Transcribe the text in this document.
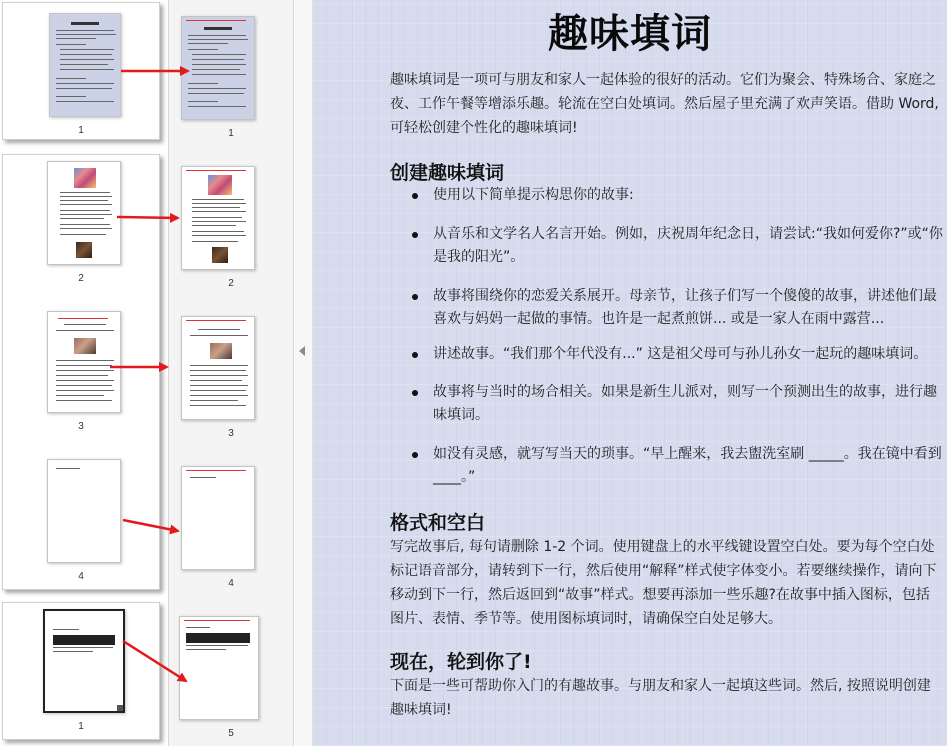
1
2
3
4
1
1
2
3
4
5
趣味填词
趣味填词是一项可与朋友和家人一起体验的很好的活动。它们为聚会、特殊场合、家庭之夜、工作午餐等增添乐趣。轮流在空白处填词。然后屋子里充满了欢声笑语。借助 Word, 可轻松创建个性化的趣味填词!
创建趣味填词
使用以下简单提示构思你的故事:
从音乐和文学名人名言开始。例如，庆祝周年纪念日，请尝试:“我如何爱你?”或“你是我的阳光”。
故事将围绕你的恋爱关系展开。母亲节，让孩子们写一个傻傻的故事，讲述他们最喜欢与妈妈一起做的事情。也许是一起煮煎饼... 或是一家人在雨中露营...
讲述故事。“我们那个年代没有...” 这是祖父母可与孙儿孙女一起玩的趣味填词。
故事将与当时的场合相关。如果是新生儿派对，则写一个预测出生的故事，进行趣味填词。
如没有灵感，就写写当天的琐事。“早上醒来，我去盥洗室刷 _____。我在镜中看到 ____。”
格式和空白
写完故事后, 每句请删除 1-2 个词。使用键盘上的水平线键设置空白处。要为每个空白处标记语音部分，请转到下一行，然后使用“解释”样式使字体变小。若要继续操作，请向下移动到下一行，然后返回到“故事”样式。想要再添加一些乐趣?在故事中插入图标，包括图片、表情、季节等。使用图标填词时，请确保空白处足够大。
现在，轮到你了!
下面是一些可帮助你入门的有趣故事。与朋友和家人一起填这些词。然后, 按照说明创建趣味填词!
